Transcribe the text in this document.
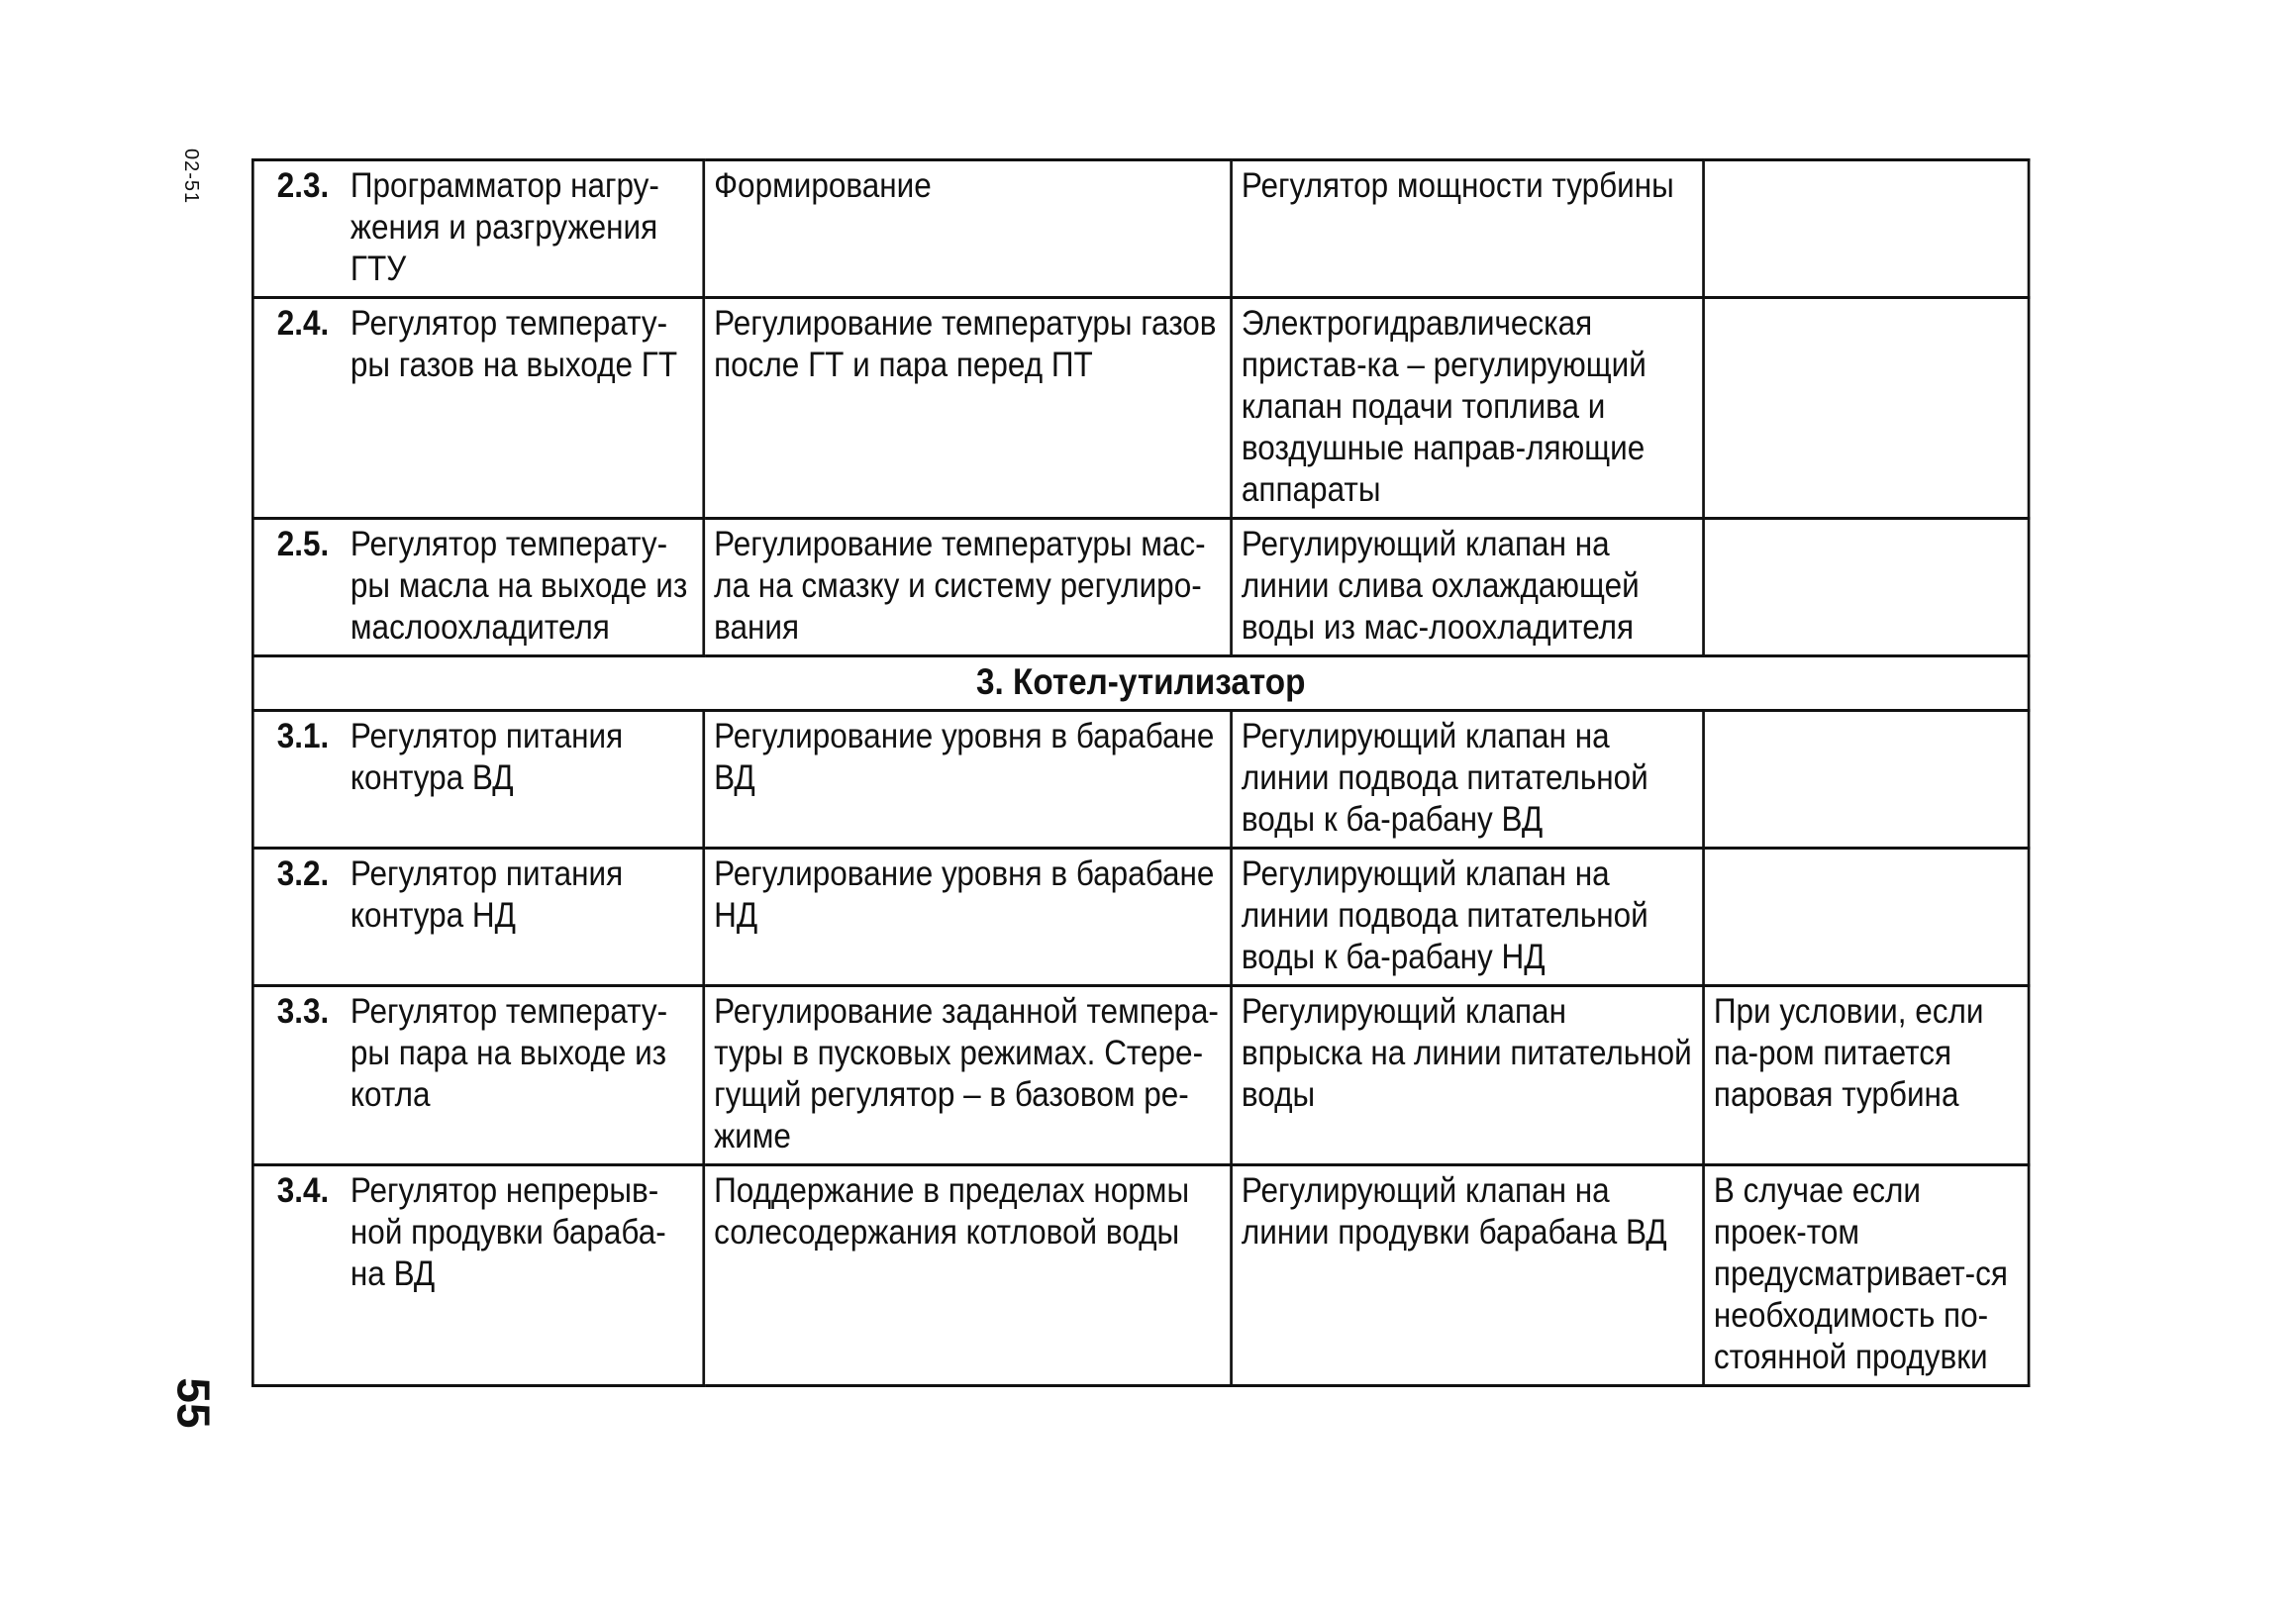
02-51
55
2.3. Программатор нагру-жения и разгружения ГТУ	Формирование	Регулятор мощности турбины	

2.4. Регулятор температу-ры газов на выходе ГТ	Регулирование температуры газов после ГТ и пара перед ПТ	Электрогидравлическая пристав-ка – регулирующий клапан подачи топлива и воздушные направ-ляющие аппараты	

2.5. Регулятор температу-ры масла на выходе из маслоохладителя	Регулирование температуры мас-ла на смазку и систему регулиро-вания	Регулирующий клапан на линии слива охлаждающей воды из мас-лоохладителя	
3. Котел-утилизатор			

3.1. Регулятор питания контура ВД	Регулирование уровня в барабане ВД	Регулирующий клапан на линии подвода питательной воды к ба-рабану ВД	

3.2. Регулятор питания контура НД	Регулирование уровня в барабане НД	Регулирующий клапан на линии подвода питательной воды к ба-рабану НД	

3.3. Регулятор температу-ры пара на выходе из котла	Регулирование заданной темпера-туры в пусковых режимах. Стере-гущий регулятор – в базовом ре-жиме	Регулирующий клапан впрыска на линии питательной воды	При условии, если па-ром питается паровая турбина

3.4. Регулятор непрерыв-ной продувки бараба-на ВД	Поддержание в пределах нормы солесодержания котловой воды	Регулирующий клапан на линии продувки барабана ВД	В случае если проек-том предусматривает-ся необходимость по-стоянной продувки
